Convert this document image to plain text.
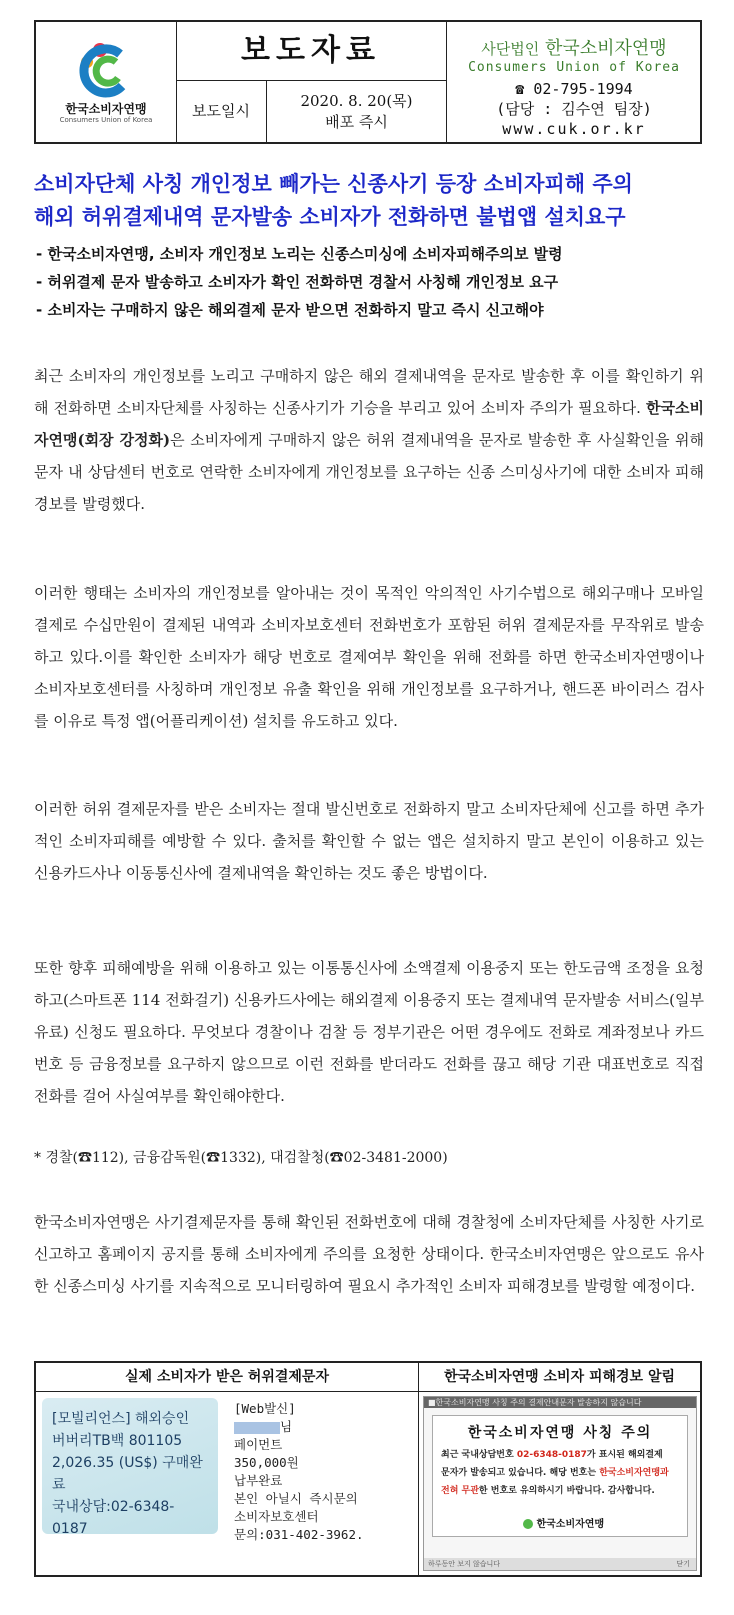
한국소비자연맹
Consumers Union of Korea
보도자료
보도일시
2020. 8. 20(목)
배포 즉시
사단법인 한국소비자연맹
Consumers Union of Korea
☎ 02-795-1994
(담당 : 김수연 팀장)
www.cuk.or.kr
소비자단체 사칭 개인정보 빼가는 신종사기 등장 소비자피해 주의
해외 허위결제내역 문자발송 소비자가 전화하면 불법앱 설치요구
- 한국소비자연맹, 소비자 개인정보 노리는 신종스미싱에 소비자피해주의보 발령
- 허위결제 문자 발송하고 소비자가 확인 전화하면 경찰서 사칭해 개인정보 요구
- 소비자는 구매하지 않은 해외결제 문자 받으면 전화하지 말고 즉시 신고해야
최근 소비자의 개인정보를 노리고 구매하지 않은 해외 결제내역을 문자로 발송한 후 이를 확인하기 위해 전화하면 소비자단체를 사칭하는 신종사기가 기승을 부리고 있어 소비자 주의가 필요하다. 한국소비자연맹(회장 강정화)은 소비자에게 구매하지 않은 허위 결제내역을 문자로 발송한 후 사실확인을 위해 문자 내 상담센터 번호로 연락한 소비자에게 개인정보를 요구하는 신종 스미싱사기에 대한 소비자 피해경보를 발령했다.
이러한 행태는 소비자의 개인정보를 알아내는 것이 목적인 악의적인 사기수법으로 해외구매나 모바일결제로 수십만원이 결제된 내역과 소비자보호센터 전화번호가 포함된 허위 결제문자를 무작위로 발송하고 있다.이를 확인한 소비자가 해당 번호로 결제여부 확인을 위해 전화를 하면 한국소비자연맹이나 소비자보호센터를 사칭하며 개인정보 유출 확인을 위해 개인정보를 요구하거나, 핸드폰 바이러스 검사를 이유로 특정 앱(어플리케이션) 설치를 유도하고 있다.
이러한 허위 결제문자를 받은 소비자는 절대 발신번호로 전화하지 말고 소비자단체에 신고를 하면 추가적인 소비자피해를 예방할 수 있다. 출처를 확인할 수 없는 앱은 설치하지 말고 본인이 이용하고 있는 신용카드사나 이동통신사에 결제내역을 확인하는 것도 좋은 방법이다.
또한 향후 피해예방을 위해 이용하고 있는 이통통신사에 소액결제 이용중지 또는 한도금액 조정을 요청하고(스마트폰 114 전화걸기) 신용카드사에는 해외결제 이용중지 또는 결제내역 문자발송 서비스(일부 유료) 신청도 필요하다. 무엇보다 경찰이나 검찰 등 정부기관은 어떤 경우에도 전화로 계좌정보나 카드번호 등 금융정보를 요구하지 않으므로 이런 전화를 받더라도 전화를 끊고 해당 기관 대표번호로 직접 전화를 걸어 사실여부를 확인해야한다.
* 경찰(☎112), 금융감독원(☎1332), 대검찰청(☎02-3481-2000)
한국소비자연맹은 사기결제문자를 통해 확인된 전화번호에 대해 경찰청에 소비자단체를 사칭한 사기로 신고하고 홈페이지 공지를 통해 소비자에게 주의를 요청한 상태이다. 한국소비자연맹은 앞으로도 유사한 신종스미싱 사기를 지속적으로 모니터링하여 필요시 추가적인 소비자 피해경보를 발령할 예정이다.
실제 소비자가 받은 허위결제문자	한국소비자연맹 소비자 피해경보 알림
[모빌리언스] 해외승인
버버리TB백 801105
2,026.35 (US$) 구매완료
국내상담:02-6348-0187
[Web발신]
님
페이먼트
350,000원
납부완료
본인 아닐시 즉시문의
소비자보호센터
문의:031-402-3962.
■한국소비자연맹 사칭 주의 결제안내문자 발송하지 않습니다
한국소비자연맹 사칭 주의
최근 국내상담번호 02-6348-0187가 표시된 해외결제
문자가 발송되고 있습니다. 해당 번호는 한국소비자연맹과
전혀 무관한 번호로 유의하시기 바랍니다. 감사합니다.
한국소비자연맹
하루동안 보지 않습니다	닫기
